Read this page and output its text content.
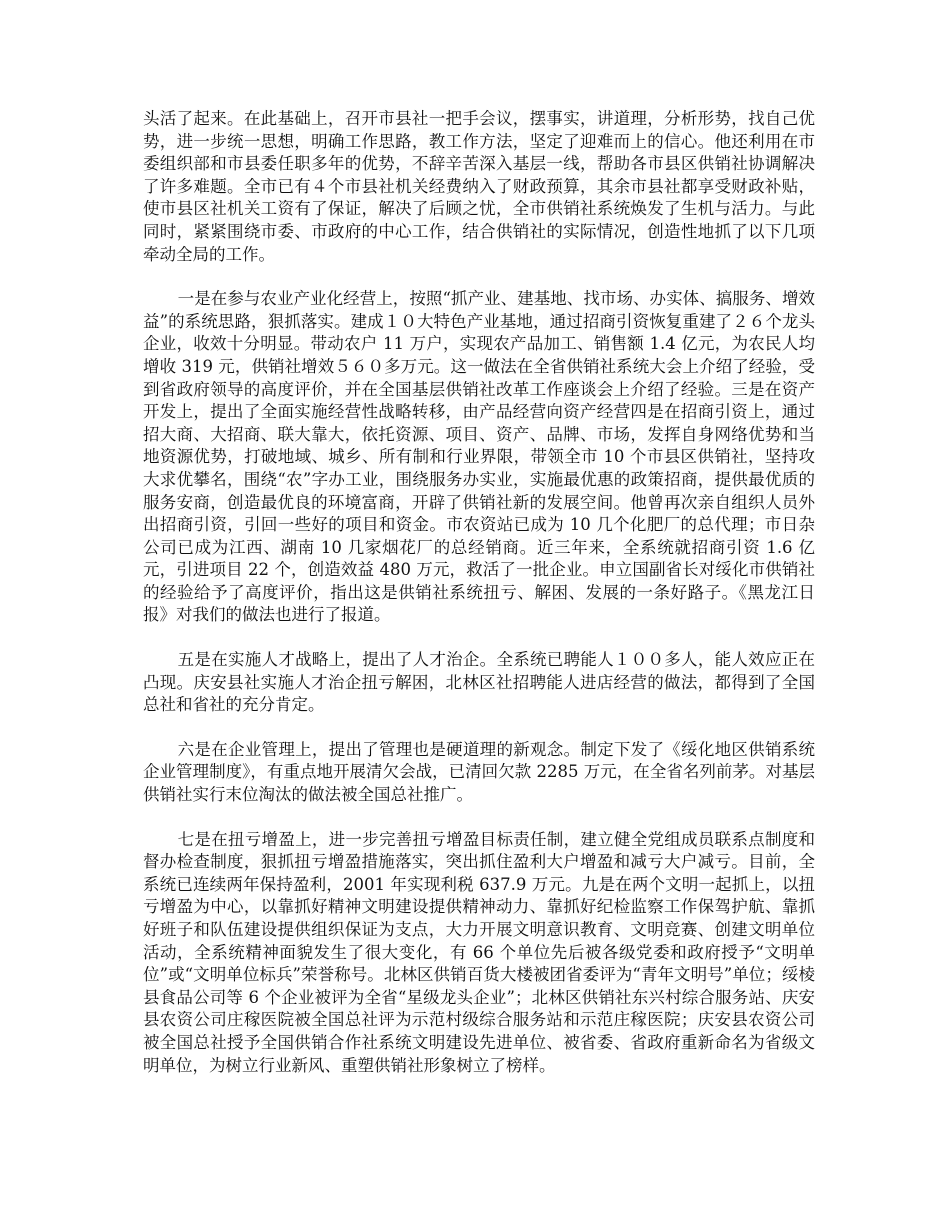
头活了起来。在此基础上，召开市县社一把手会议，摆事实，讲道理，分析形势，找自己优势，进一步统一思想，明确工作思路，教工作方法，坚定了迎难而上的信心。他还利用在市委组织部和市县委任职多年的优势，不辞辛苦深入基层一线，帮助各市县区供销社协调解决了许多难题。全市已有４个市县社机关经费纳入了财政预算，其余市县社都享受财政补贴，使市县区社机关工资有了保证，解决了后顾之忧，全市供销社系统焕发了生机与活力。与此同时，紧紧围绕市委、市政府的中心工作，结合供销社的实际情况，创造性地抓了以下几项牵动全局的工作。

一是在参与农业产业化经营上，按照“抓产业、建基地、找市场、办实体、搞服务、增效益”的系统思路，狠抓落实。建成１０大特色产业基地，通过招商引资恢复重建了２６个龙头企业，收效十分明显。带动农户 11 万户，实现农产品加工、销售额 1.4 亿元，为农民人均增收 319 元，供销社增效５６０多万元。这一做法在全省供销社系统大会上介绍了经验，受到省政府领导的高度评价，并在全国基层供销社改革工作座谈会上介绍了经验。三是在资产开发上，提出了全面实施经营性战略转移，由产品经营向资产经营四是在招商引资上，通过招大商、大招商、联大靠大，依托资源、项目、资产、品牌、市场，发挥自身网络优势和当地资源优势，打破地域、城乡、所有制和行业界限，带领全市 10 个市县区供销社，坚持攻大求优攀名，围绕“农”字办工业，围绕服务办实业，实施最优惠的政策招商，提供最优质的服务安商，创造最优良的环境富商，开辟了供销社新的发展空间。他曾再次亲自组织人员外出招商引资，引回一些好的项目和资金。市农资站已成为 10 几个化肥厂的总代理；市日杂公司已成为江西、湖南 10 几家烟花厂的总经销商。近三年来，全系统就招商引资 1.6 亿元，引进项目 22 个，创造效益 480 万元，救活了一批企业。申立国副省长对绥化市供销社的经验给予了高度评价，指出这是供销社系统扭亏、解困、发展的一条好路子。《黑龙江日报》对我们的做法也进行了报道。

五是在实施人才战略上，提出了人才治企。全系统已聘能人１００多人，能人效应正在凸现。庆安县社实施人才治企扭亏解困，北林区社招聘能人进店经营的做法，都得到了全国总社和省社的充分肯定。

六是在企业管理上，提出了管理也是硬道理的新观念。制定下发了《绥化地区供销系统企业管理制度》，有重点地开展清欠会战，已清回欠款 2285 万元，在全省名列前茅。对基层供销社实行末位淘汰的做法被全国总社推广。

七是在扭亏增盈上，进一步完善扭亏增盈目标责任制，建立健全党组成员联系点制度和督办检查制度，狠抓扭亏增盈措施落实，突出抓住盈利大户增盈和减亏大户减亏。目前，全系统已连续两年保持盈利，2001 年实现利税 637.9 万元。九是在两个文明一起抓上，以扭亏增盈为中心，以靠抓好精神文明建设提供精神动力、靠抓好纪检监察工作保驾护航、靠抓好班子和队伍建设提供组织保证为支点，大力开展文明意识教育、文明竞赛、创建文明单位活动，全系统精神面貌发生了很大变化，有 66 个单位先后被各级党委和政府授予“文明单位”或“文明单位标兵”荣誉称号。北林区供销百货大楼被团省委评为“青年文明号”单位；绥棱县食品公司等 6 个企业被评为全省“星级龙头企业”；北林区供销社东兴村综合服务站、庆安县农资公司庄稼医院被全国总社评为示范村级综合服务站和示范庄稼医院；庆安县农资公司被全国总社授予全国供销合作社系统文明建设先进单位、被省委、省政府重新命名为省级文明单位，为树立行业新风、重塑供销社形象树立了榜样。
